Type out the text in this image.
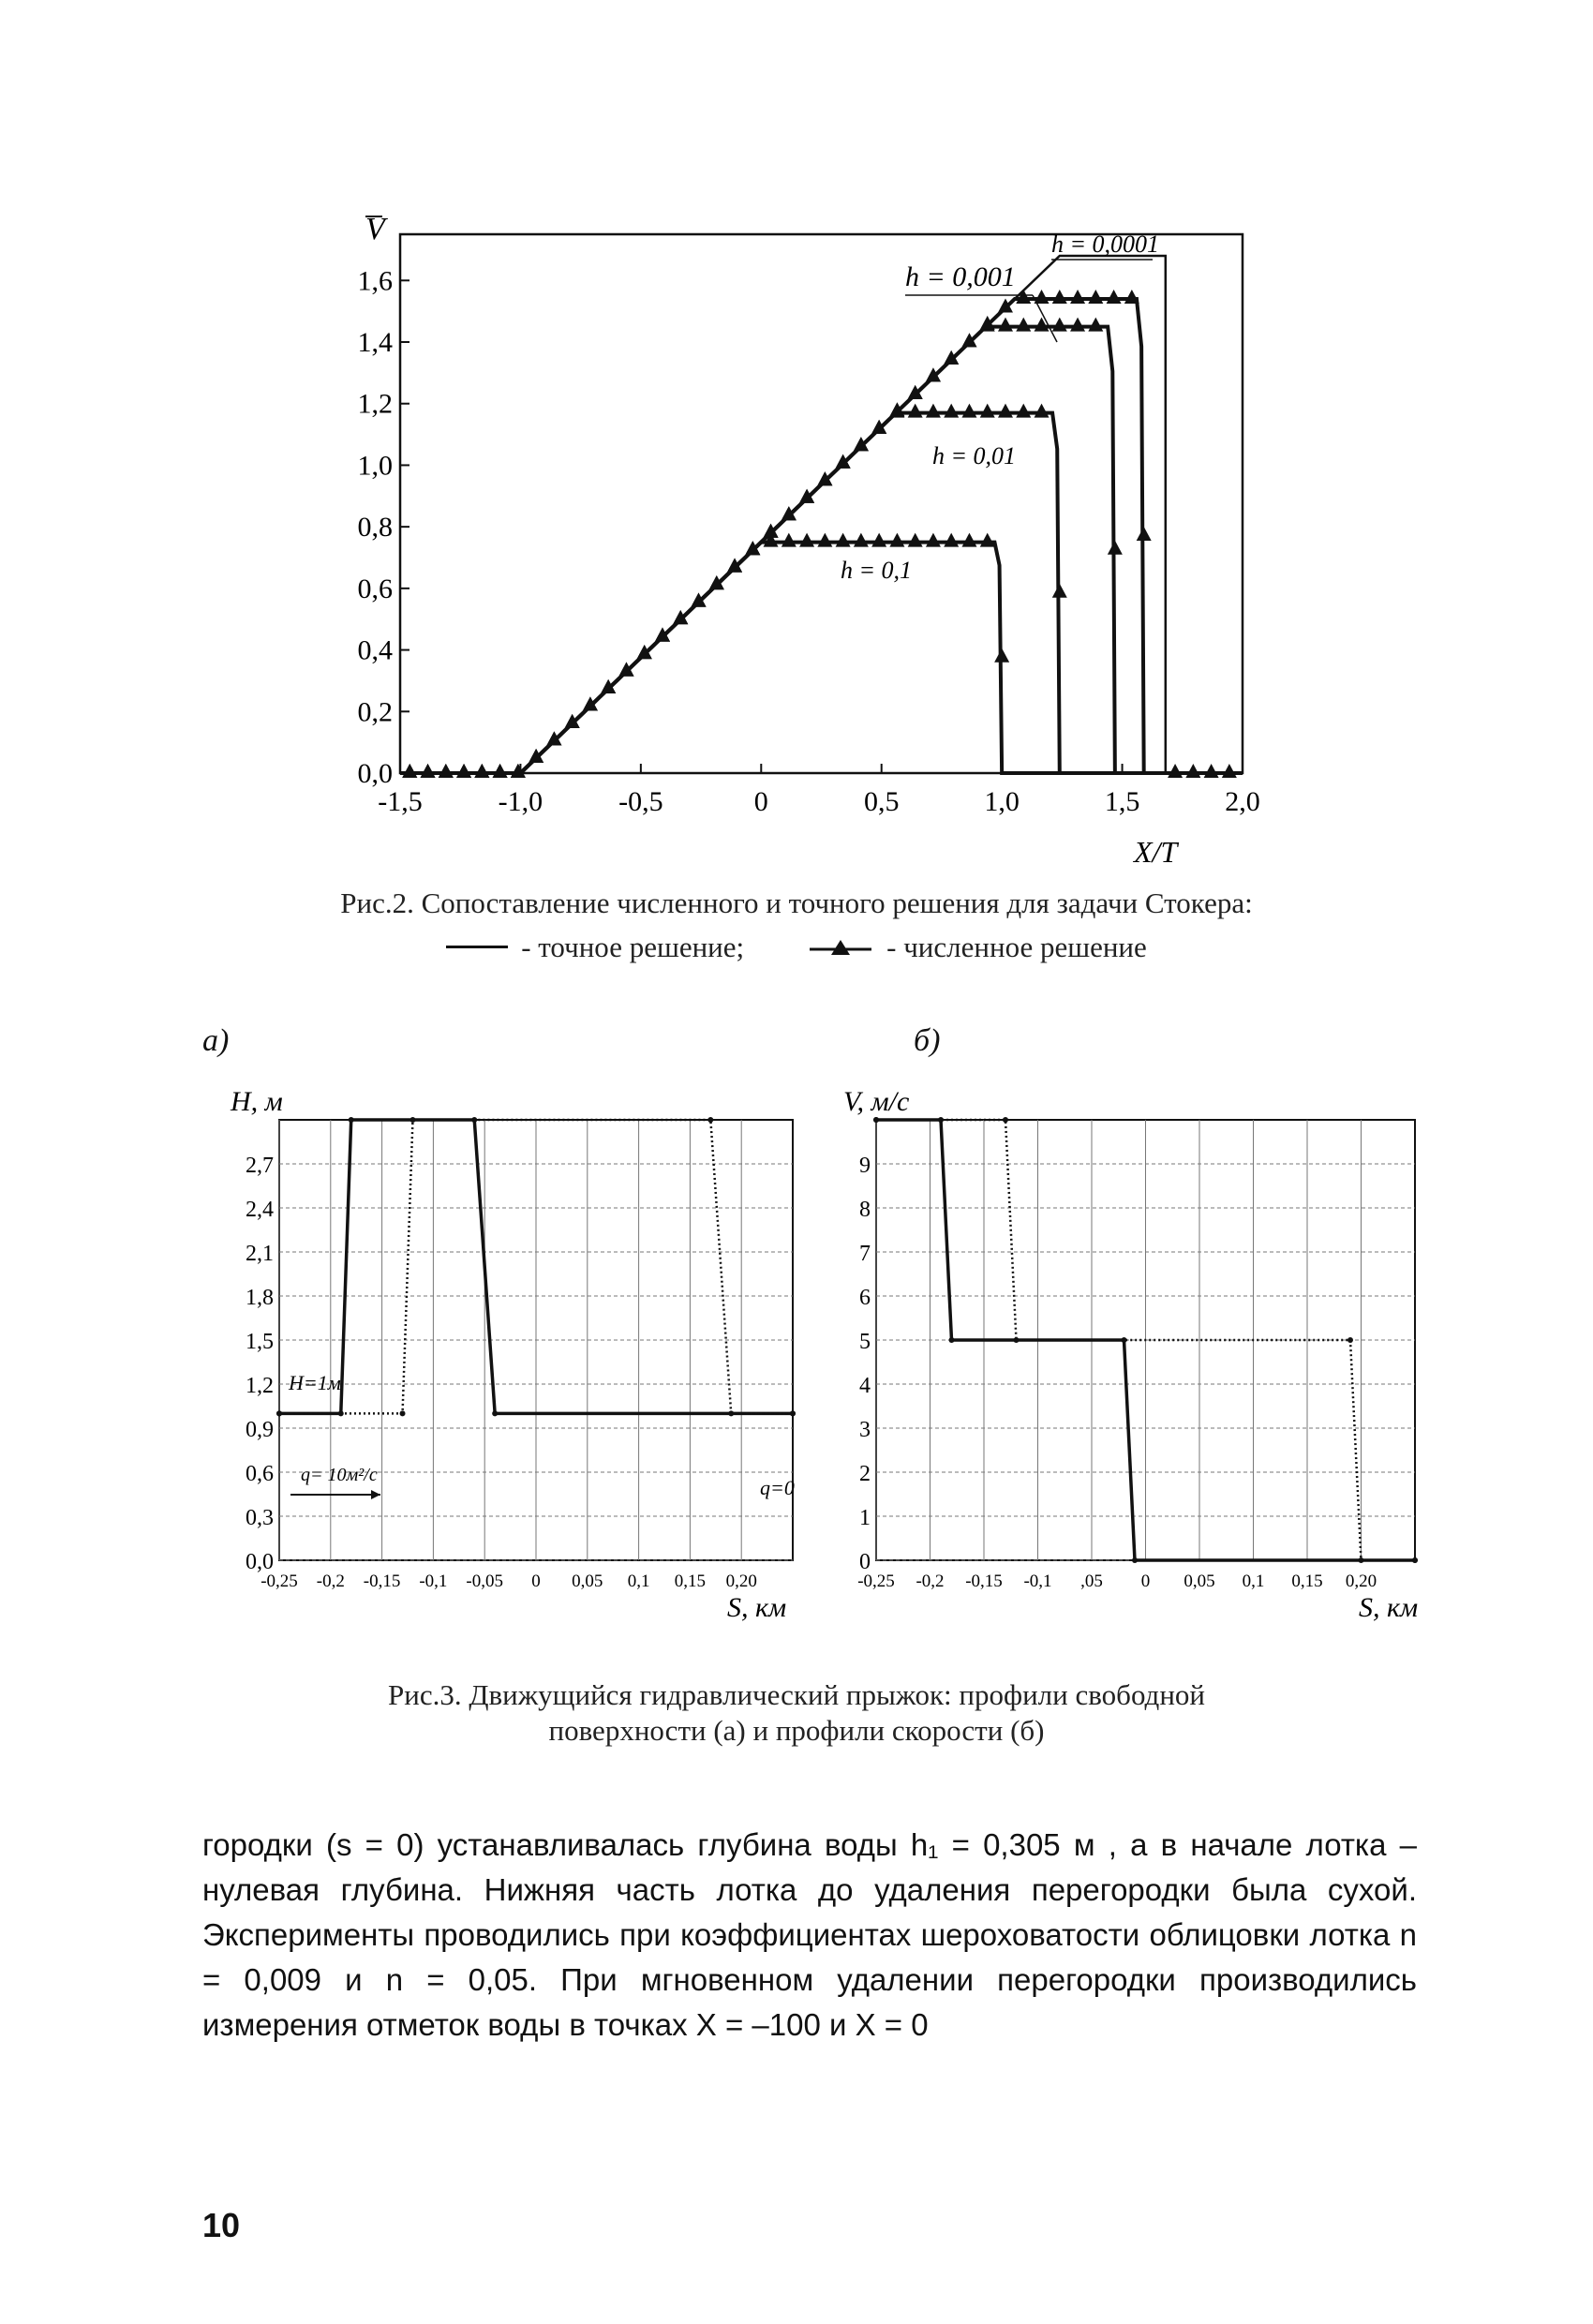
V
0,0
0,2
0,4
0,6
0,8
1,0
1,2
1,4
1,6
-1,5	-1,0	-0,5	0	0,5	1,0	1,5	2,0
h = 0,1
h = 0,01
h = 0,001
h = 0,0001
X/T
Рис.2. Сопоставление численного и точного решения для задачи Стокера:
- точное решение;	- численное решение
а)	б)
H, м
0,0
0,3
0,6
0,9
1,2
1,5
1,8
2,1
2,4
2,7
-0,25 -0,2 -0,15 -0,1 -0,05 0 0,05 0,1 0,15 0,20
H=1м
q= 10м²/с
q=0
S, км
V, м/с
0
1
2
3
4
5
6
7
8
9
-0,25 -0,2 -0,15 -0,1 ,05 0 0,05 0,1 0,15 0,20
S, км
Рис.3. Движущийся гидравлический прыжок: профили свободной
поверхности (а) и профили скорости (б)

городки (s = 0) устанавливалась глубина воды h₁ = 0,305 м , а в начале лотка – нулевая глубина. Нижняя часть лотка до удаления перегородки была сухой. Эксперименты проводились при коэффициентах шероховатости облицовки лотка n = 0,009 и n = 0,05. При мгновенном удалении перегородки производились измерения отметок воды в точках X = –100 и X = 0

10
